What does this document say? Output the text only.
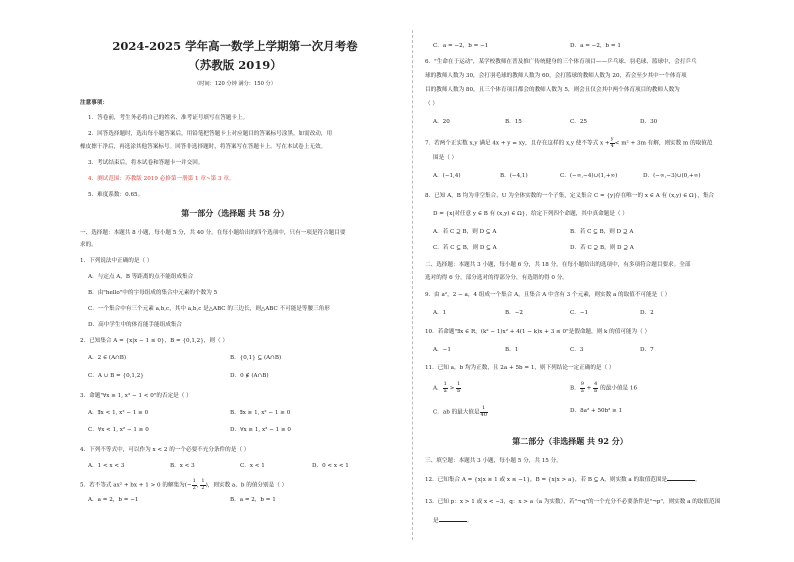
2024-2025 学年高一数学上学期第一次月考卷
（苏教版 2019）
（时间：120 分钟 满分：150 分）
注意事项：
1．答卷前，考生务必将自己的姓名、准考证号填写在答题卡上。
2．回答选择题时，选出每小题答案后，用铅笔把答题卡上对应题目的答案标号涂黑。如需改动，用
橡皮擦干净后，再选涂其他答案标号。回答非选择题时，将答案写在答题卡上。写在本试卷上无效。
3．考试结束后，将本试卷和答题卡一并交回。
4．测试范围：苏教版 2019 必修第一册第 1 章~第 3 章。
5．难度系数：0.65。
第一部分（选择题 共 58 分）
一、选择题：本题共 8 小题，每小题 5 分，共 40 分。在每小题给出的四个选项中，只有一项是符合题目要
求的。
1．下列说法中正确的是（ ）
A．与定点 A，B 等距离的点不能组成集合
B．由"hello"中的字母组成的集合中元素的个数为 5
C．一个集合中有三个元素 a,b,c，其中 a,b,c 是△ABC 的三边长，则△ABC 不可能是等腰三角形
D．高中学生中的体育能手能组成集合
2．已知集合 A = {x|x − 1 ≤ 0}，B = {0,1,2}，则（ ）
A．2 ∈ (A∩B)	B．{0,1} ⊆ (A∩B)
C．A ∪ B = {0,1,2}	D．0 ∉ (A∩B)
3．命题"∀x ≥ 1, x² − 1 < 0"的否定是（ ）
A．∃x < 1, x² − 1 ≥ 0	B．∃x ≥ 1, x² − 1 ≥ 0
C．∀x < 1, x² − 1 ≥ 0	D．∀x ≥ 1, x² − 1 ≥ 0
4．下列不等式中，可以作为 x < 2 的一个必要不充分条件的是（ ）
A．1 < x < 3	B．x < 3	C．x < 1	D．0 < x < 1
5．若不等式 ax² + bx + 1 > 0 的解集为(− $\frac{1}{2}$ , $\frac{1}{2}$ )，则实数 a、b 的值分别是（ ）
A．a = 2，b = −1	B．a = 2，b = 1
C．a = −2，b = −1	D．a = −2，b = 1
6．"生命在于运动"，某学校教师在普及推广传统健身的三个体育项目——乒乓球、羽毛球、篮球中，会打乒乓
球的教师人数为 30，会打羽毛球的教师人数为 60，会打篮球的教师人数为 20，若会至少其中一个体育项
目的教师人数为 80，且三个体育项目都会的教师人数为 5，则会且仅会其中两个体育项目的教师人数为
（ ）
A．20	B．15	C．25	D．30
7．若两个正实数 x,y 满足 4x + y = xy，且存在这样的 x,y 使不等式 $x + \frac{y}{4} < m^2 + 3m$ 有解，则实数 m 的取值范
围是（ ）
A．(−1,4)	B．(−4,1)	C．(−∞,−4)∪(1,+∞)	D．(−∞,−3)∪(0,+∞)
8．已知 A，B 均为非空集合，U 为全体实数的一个子集，定义集合 C = {y|存在唯一的 x ∈ A 有 (x,y) ∈ Ω}，集合
D = {x|对任意 y ∈ B 有 (x,y) ∈ Ω}，给定下列四个命题，其中真命题是（ ）
A．若 C ⊇ B，则 D ⊆ A	B．若 C ⊆ B，则 D ⊇ A
C．若 C ⊆ B，则 D ⊆ A	D．若 C ⊇ B，则 D ⊇ A
二、选择题：本题共 3 小题，每小题 6 分，共 18 分。在每小题给出的选项中，有多项符合题目要求。全部
选对的得 6 分，部分选对的得部分分，有选错的得 0 分。
9．由 a²，2 − a，4 组成一个集合 A，且集合 A 中含有 3 个元素，则实数 a 的取值不可能是（ ）
A．1	B．−2	C．−1	D．2
10．若命题"∃x ∈ R，(k² − 1)x² + 4(1 − k)x + 3 ≤ 0"是假命题，则 k 的值可能为（ ）
A．−1	B．1	C．3	D．7
11．已知 a，b 均为正数，且 2a + 5b = 1，则下列结论一定正确的是（ ）
A． $\frac{1}{a} > \frac{1}{b}$	B． $\frac{9}{a} + \frac{4}{b}$ 的最小值是 16
C．ab 的最大值是 $\frac{1}{40}$	D．8a² + 50b² ≥ 1
第二部分（非选择题 共 92 分）
三、填空题：本题共 3 小题，每小题 5 分，共 15 分。
12．已知集合 A = {x|x ≥ 1 或 x ≤ −1}，B = {x|x > a}，若 B ⊆ A，则实数 a 的取值范围是	。
13．已知 p：x > 1 或 x < −3，q：x > a（a 为实数），若"¬q"的一个充分不必要条件是"¬p"，则实数 a 的取值范围
是	。
